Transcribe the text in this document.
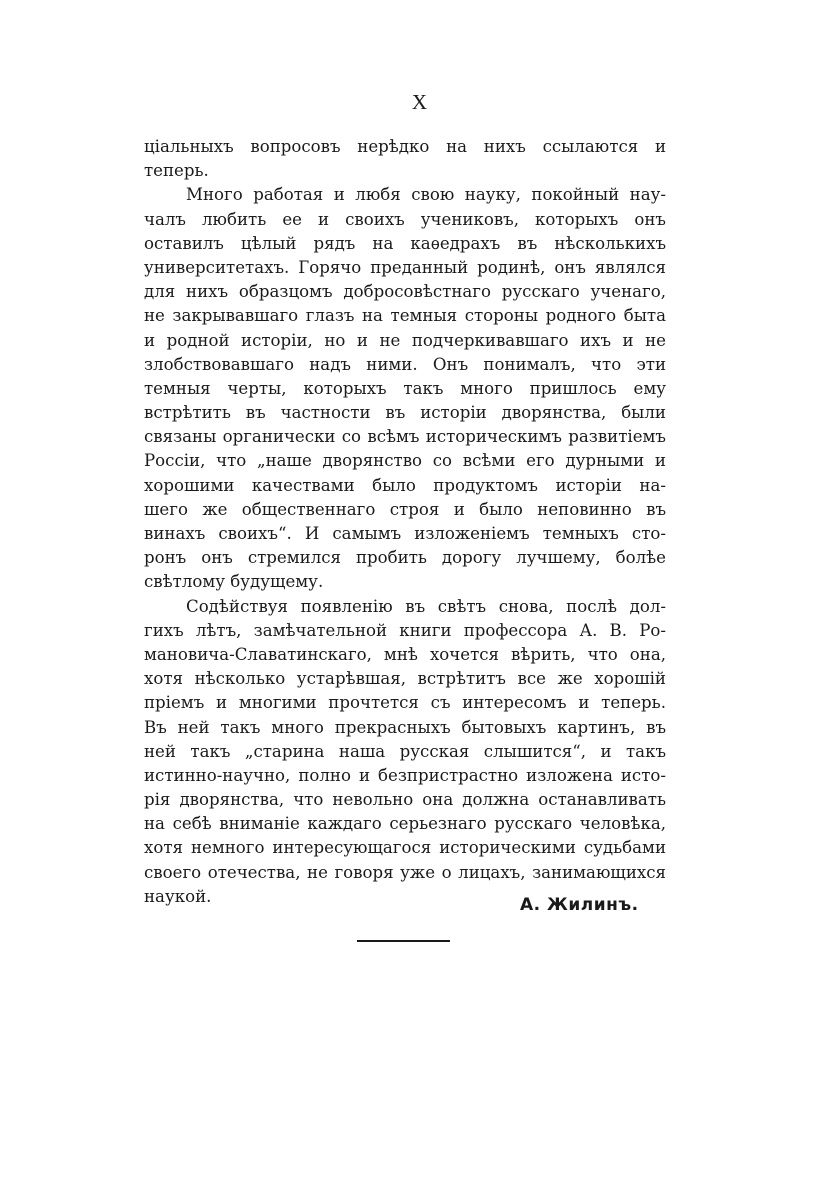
X
ціальныхъ вопросовъ нерѣдко на нихъ ссылаются и
теперь.
Много работая и любя свою науку, покойный нау-
чалъ любить ее и своихъ учениковъ, которыхъ онъ
оставилъ цѣлый рядъ на каѳедрахъ въ нѣсколькихъ
университетахъ. Горячо преданный родинѣ, онъ являлся
для нихъ образцомъ добросовѣстнаго русскаго ученаго,
не закрывавшаго глазъ на темныя стороны родного быта
и родной исторіи, но и не подчеркивавшаго ихъ и не
злобствовавшаго надъ ними. Онъ понималъ, что эти
темныя черты, которыхъ такъ много пришлось ему
встрѣтить въ частности въ исторіи дворянства, были
связаны органически со всѣмъ историческимъ развитіемъ
Россіи, что „наше дворянство со всѣми его дурными и
хорошими качествами было продуктомъ исторіи на-
шего же общественнаго строя и было неповинно въ
винахъ своихъ“. И самымъ изложеніемъ темныхъ сто-
ронъ онъ стремился пробить дорогу лучшему, болѣе
свѣтлому будущему.
Содѣйствуя появленію въ свѣтъ снова, послѣ дол-
гихъ лѣтъ, замѣчательной книги профессора А. В. Ро-
мановича-Славатинскаго, мнѣ хочется вѣрить, что она,
хотя нѣсколько устарѣвшая, встрѣтитъ все же хорошій
пріемъ и многими прочтется съ интересомъ и теперь.
Въ ней такъ много прекрасныхъ бытовыхъ картинъ, въ
ней такъ „старина наша русская слышится“, и такъ
истинно-научно, полно и безпристрастно изложена исто-
рія дворянства, что невольно она должна останавливать
на себѣ вниманіе каждаго серьезнаго русскаго человѣка,
хотя немного интересующагося историческими судьбами
своего отечества, не говоря уже о лицахъ, занимающихся
наукой.	А. Жилинъ.
